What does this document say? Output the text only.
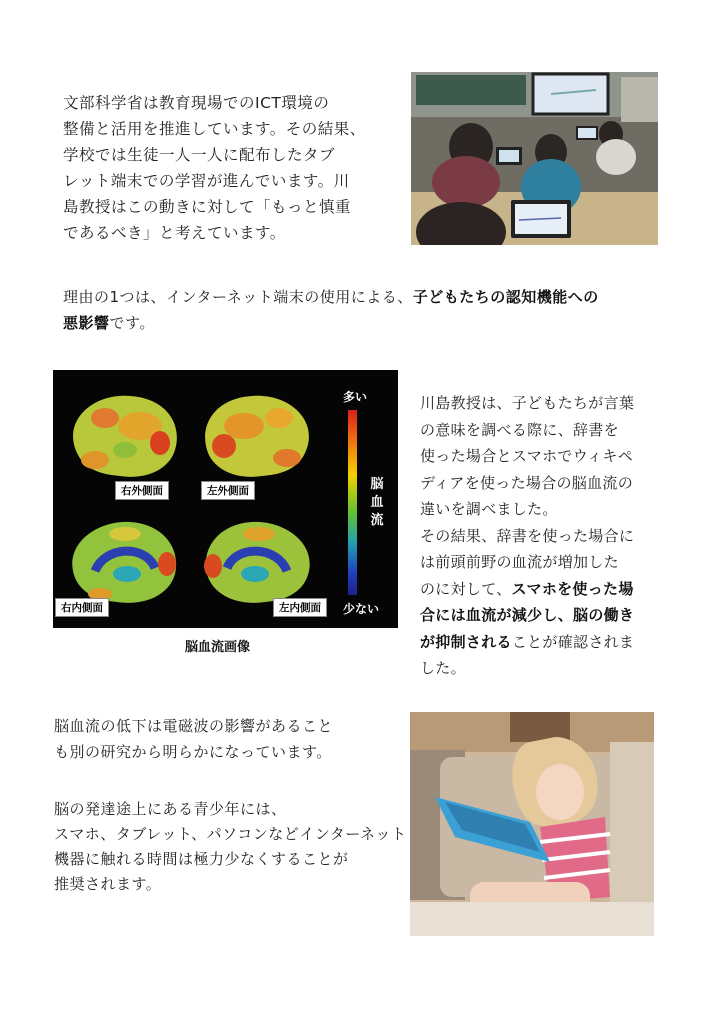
文部科学省は教育現場でのICT環境の
整備と活用を推進しています。その結果、
学校では生徒一人一人に配布したタブ
レット端末での学習が進んでいます。川
島教授はこの動きに対して「もっと慎重
であるべき」と考えています。
理由の1つは、インターネット端末の使用による、子どもたちの認知機能への
悪影響です。
右外側面	左外側面
右内側面	左内側面
多い
脳
血
流
少ない
脳血流画像
川島教授は、子どもたちが言葉
の意味を調べる際に、辞書を
使った場合とスマホでウィキペ
ディアを使った場合の脳血流の
違いを調べました。
その結果、辞書を使った場合に
は前頭前野の血流が増加した
のに対して、スマホを使った場
合には血流が減少し、脳の働き
が抑制されることが確認されま
した。
脳血流の低下は電磁波の影響があること
も別の研究から明らかになっています。
脳の発達途上にある青少年には、
スマホ、タブレット、パソコンなどインターネット
機器に触れる時間は極力少なくすることが
推奨されます。
